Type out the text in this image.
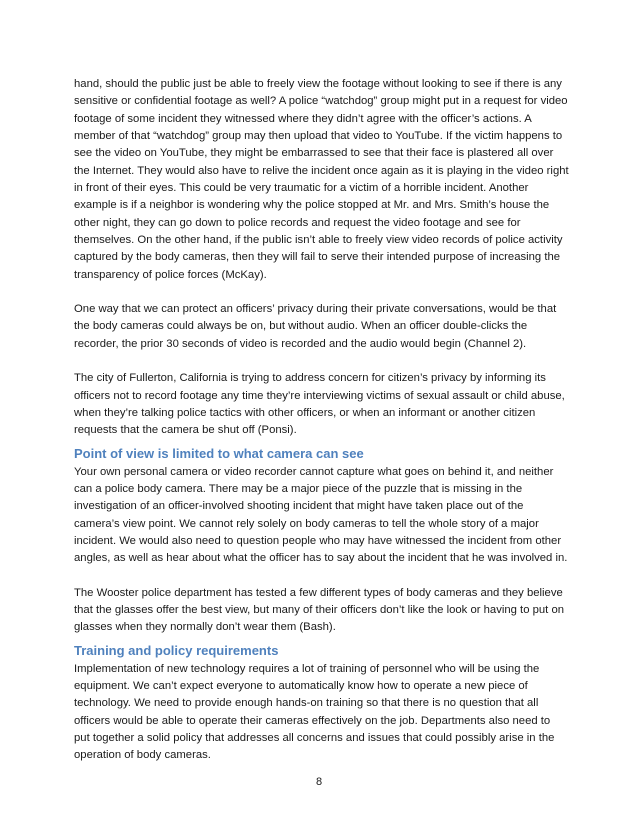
hand, should the public just be able to freely view the footage without looking to see if there is any sensitive or confidential footage as well? A police “watchdog” group might put in a request for video footage of some incident they witnessed where they didn’t agree with the officer’s actions. A member of that “watchdog” group may then upload that video to YouTube. If the victim happens to see the video on YouTube, they might be embarrassed to see that their face is plastered all over the Internet. They would also have to relive the incident once again as it is playing in the video right in front of their eyes. This could be very traumatic for a victim of a horrible incident. Another example is if a neighbor is wondering why the police stopped at Mr. and Mrs. Smith’s house the other night, they can go down to police records and request the video footage and see for themselves. On the other hand, if the public isn’t able to freely view video records of police activity captured by the body cameras, then they will fail to serve their intended purpose of increasing the transparency of police forces (McKay).

One way that we can protect an officers’ privacy during their private conversations, would be that the body cameras could always be on, but without audio. When an officer double-clicks the recorder, the prior 30 seconds of video is recorded and the audio would begin (Channel 2).

The city of Fullerton, California is trying to address concern for citizen’s privacy by informing its officers not to record footage any time they’re interviewing victims of sexual assault or child abuse, when they’re talking police tactics with other officers, or when an informant or another citizen requests that the camera be shut off (Ponsi).

Point of view is limited to what camera can see

Your own personal camera or video recorder cannot capture what goes on behind it, and neither can a police body camera. There may be a major piece of the puzzle that is missing in the investigation of an officer-involved shooting incident that might have taken place out of the camera’s view point. We cannot rely solely on body cameras to tell the whole story of a major incident. We would also need to question people who may have witnessed the incident from other angles, as well as hear about what the officer has to say about the incident that he was involved in.

The Wooster police department has tested a few different types of body cameras and they believe that the glasses offer the best view, but many of their officers don’t like the look or having to put on glasses when they normally don’t wear them (Bash).

Training and policy requirements

Implementation of new technology requires a lot of training of personnel who will be using the equipment. We can’t expect everyone to automatically know how to operate a new piece of technology. We need to provide enough hands-on training so that there is no question that all officers would be able to operate their cameras effectively on the job. Departments also need to put together a solid policy that addresses all concerns and issues that could possibly arise in the operation of body cameras.

8
